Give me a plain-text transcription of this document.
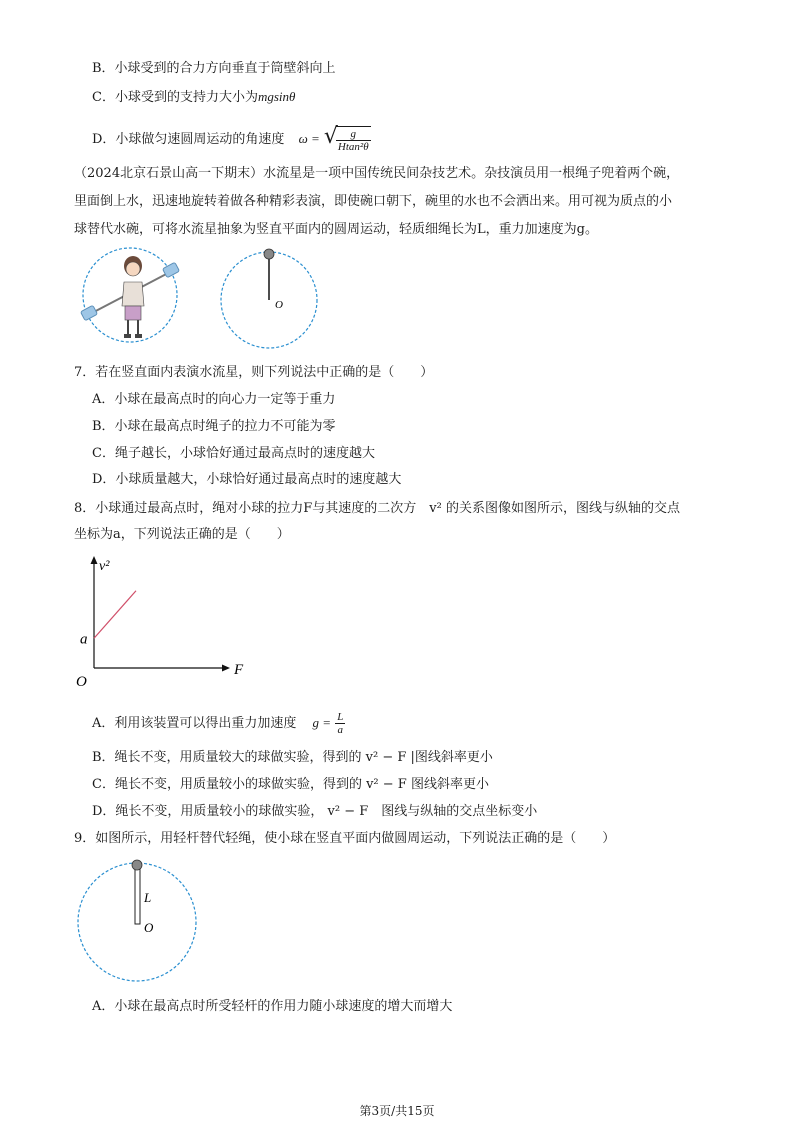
B．小球受到的合力方向垂直于筒壁斜向上
C．小球受到的支持力大小为mgsinθ
D．小球做匀速圆周运动的角速度 ω = √
$\frac{g}{\text{Htan²θ}}$
（2024北京石景山高一下期末）水流星是一项中国传统民间杂技艺术。杂技演员用一根绳子兜着两个碗，
里面倒上水，迅速地旋转着做各种精彩表演，即使碗口朝下，碗里的水也不会洒出来。用可视为质点的小
球替代水碗，可将水流星抽象为竖直平面内的圆周运动，轻质细绳长为L，重力加速度为g。
O
7．若在竖直面内表演水流星，则下列说法中正确的是（　　）
A．小球在最高点时的向心力一定等于重力
B．小球在最高点时绳子的拉力不可能为零
C．绳子越长，小球恰好通过最高点时的速度越大
D．小球质量越大，小球恰好通过最高点时的速度越大
8．小球通过最高点时，绳对小球的拉力F与其速度的二次方　v² 的关系图像如图所示，图线与纵轴的交点
坐标为a，下列说法正确的是（　　）
F
v²
O
a
A．利用该装置可以得出重力加速度 $g = \frac{L}{a}$
B．绳长不变，用质量较大的球做实验，得到的 v² − F |图线斜率更小
C．绳长不变，用质量较小的球做实验，得到的 v² − F 图线斜率更小
D．绳长不变，用质量较小的球做实验， v² − F　图线与纵轴的交点坐标变小
9．如图所示，用轻杆替代轻绳，使小球在竖直平面内做圆周运动，下列说法正确的是（　　）
L
O
A．小球在最高点时所受轻杆的作用力随小球速度的增大而增大
第3页/共15页
